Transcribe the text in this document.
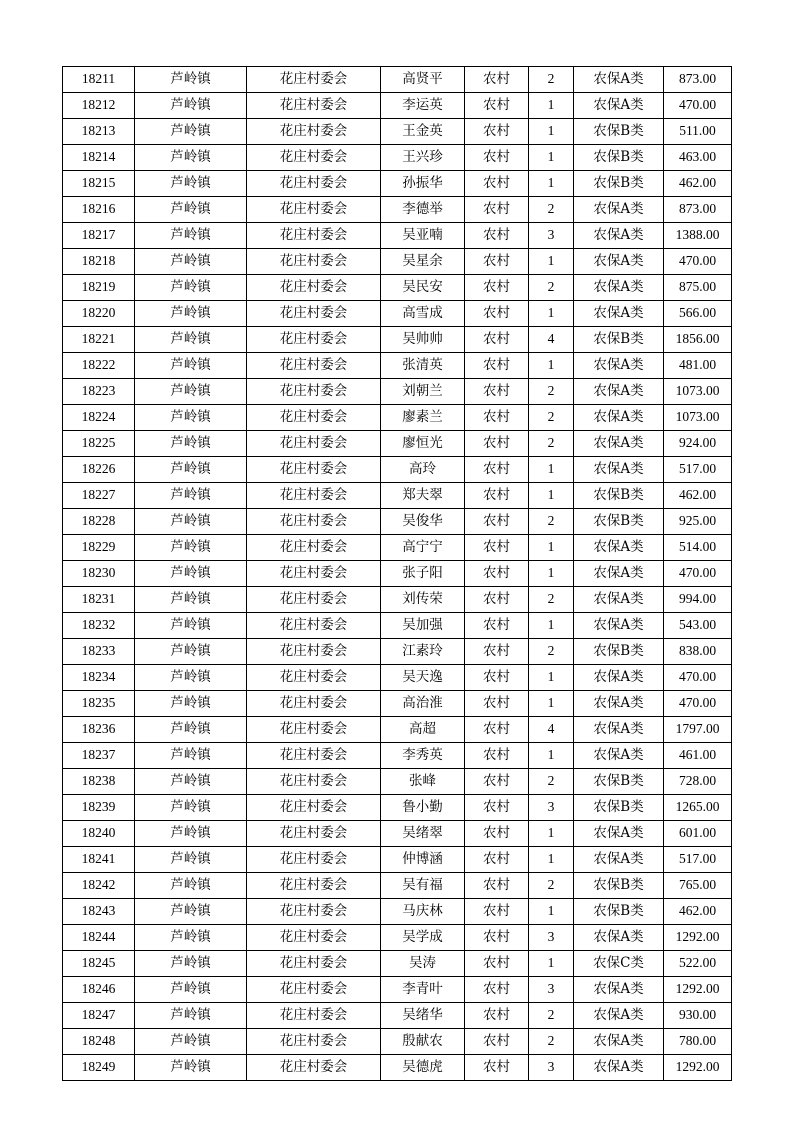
18211	芦岭镇	花庄村委会	高贤平	农村	2	农保A类	873.00
18212	芦岭镇	花庄村委会	李运英	农村	1	农保A类	470.00
18213	芦岭镇	花庄村委会	王金英	农村	1	农保B类	511.00
18214	芦岭镇	花庄村委会	王兴珍	农村	1	农保B类	463.00
18215	芦岭镇	花庄村委会	孙振华	农村	1	农保B类	462.00
18216	芦岭镇	花庄村委会	李德举	农村	2	农保A类	873.00
18217	芦岭镇	花庄村委会	吴亚喃	农村	3	农保A类	1388.00
18218	芦岭镇	花庄村委会	吴星余	农村	1	农保A类	470.00
18219	芦岭镇	花庄村委会	吴民安	农村	2	农保A类	875.00
18220	芦岭镇	花庄村委会	高雪成	农村	1	农保A类	566.00
18221	芦岭镇	花庄村委会	吴帅帅	农村	4	农保B类	1856.00
18222	芦岭镇	花庄村委会	张清英	农村	1	农保A类	481.00
18223	芦岭镇	花庄村委会	刘朝兰	农村	2	农保A类	1073.00
18224	芦岭镇	花庄村委会	廖素兰	农村	2	农保A类	1073.00
18225	芦岭镇	花庄村委会	廖恒光	农村	2	农保A类	924.00
18226	芦岭镇	花庄村委会	高玲	农村	1	农保A类	517.00
18227	芦岭镇	花庄村委会	郑夫翠	农村	1	农保B类	462.00
18228	芦岭镇	花庄村委会	吴俊华	农村	2	农保B类	925.00
18229	芦岭镇	花庄村委会	高宁宁	农村	1	农保A类	514.00
18230	芦岭镇	花庄村委会	张子阳	农村	1	农保A类	470.00
18231	芦岭镇	花庄村委会	刘传荣	农村	2	农保A类	994.00
18232	芦岭镇	花庄村委会	吴加强	农村	1	农保A类	543.00
18233	芦岭镇	花庄村委会	江素玲	农村	2	农保B类	838.00
18234	芦岭镇	花庄村委会	吴天逸	农村	1	农保A类	470.00
18235	芦岭镇	花庄村委会	高治淮	农村	1	农保A类	470.00
18236	芦岭镇	花庄村委会	高超	农村	4	农保A类	1797.00
18237	芦岭镇	花庄村委会	李秀英	农村	1	农保A类	461.00
18238	芦岭镇	花庄村委会	张峰	农村	2	农保B类	728.00
18239	芦岭镇	花庄村委会	鲁小勤	农村	3	农保B类	1265.00
18240	芦岭镇	花庄村委会	吴绪翠	农村	1	农保A类	601.00
18241	芦岭镇	花庄村委会	仲博涵	农村	1	农保A类	517.00
18242	芦岭镇	花庄村委会	吴有福	农村	2	农保B类	765.00
18243	芦岭镇	花庄村委会	马庆林	农村	1	农保B类	462.00
18244	芦岭镇	花庄村委会	吴学成	农村	3	农保A类	1292.00
18245	芦岭镇	花庄村委会	吴涛	农村	1	农保C类	522.00
18246	芦岭镇	花庄村委会	李青叶	农村	3	农保A类	1292.00
18247	芦岭镇	花庄村委会	吴绪华	农村	2	农保A类	930.00
18248	芦岭镇	花庄村委会	殷献农	农村	2	农保A类	780.00
18249	芦岭镇	花庄村委会	吴德虎	农村	3	农保A类	1292.00
